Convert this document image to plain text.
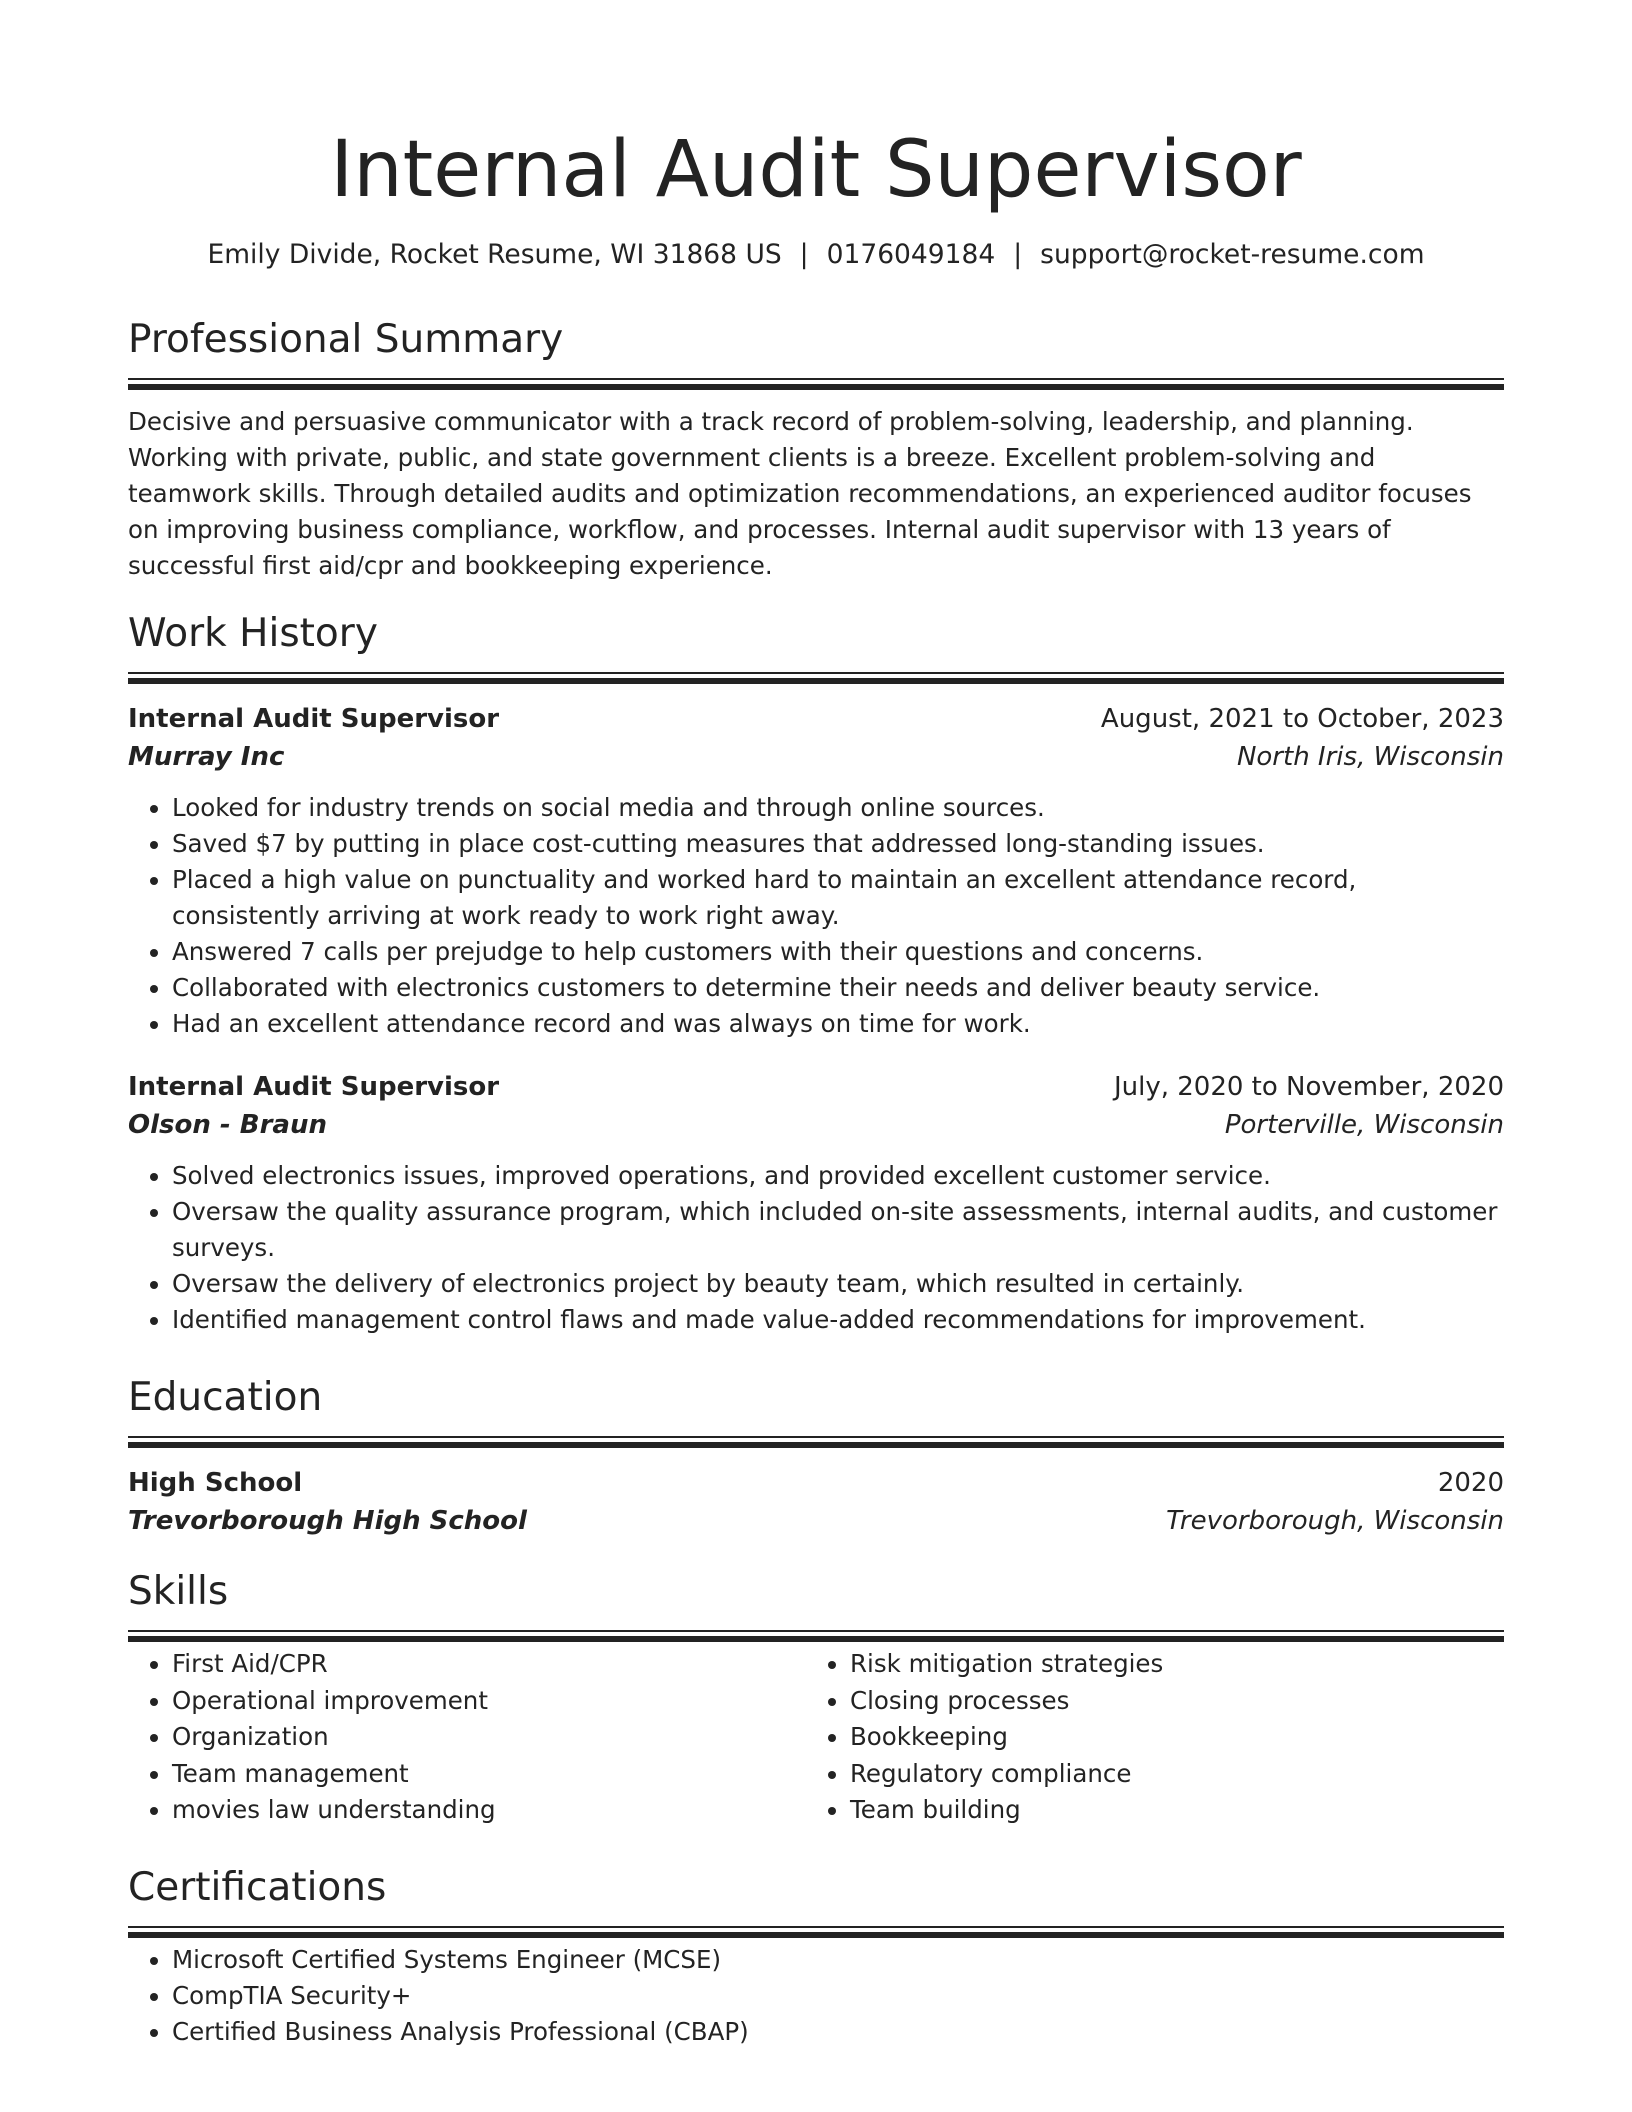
Internal Audit Supervisor
Emily Divide, Rocket Resume, WI 31868 US | 0176049184 | support@rocket-resume.com
Professional Summary
Decisive and persuasive communicator with a track record of problem-solving, leadership, and planning. Working with private, public, and state government clients is a breeze. Excellent problem-solving and teamwork skills. Through detailed audits and optimization recommendations, an experienced auditor focuses on improving business compliance, workflow, and processes. Internal audit supervisor with 13 years of successful first aid/cpr and bookkeeping experience.
Work History
Internal Audit Supervisor	August, 2021 to October, 2023
Murray Inc	North Iris, Wisconsin
• Looked for industry trends on social media and through online sources.
• Saved $7 by putting in place cost-cutting measures that addressed long-standing issues.
• Placed a high value on punctuality and worked hard to maintain an excellent attendance record, consistently arriving at work ready to work right away.
• Answered 7 calls per prejudge to help customers with their questions and concerns.
• Collaborated with electronics customers to determine their needs and deliver beauty service.
• Had an excellent attendance record and was always on time for work.
Internal Audit Supervisor	July, 2020 to November, 2020
Olson - Braun	Porterville, Wisconsin
• Solved electronics issues, improved operations, and provided excellent customer service.
• Oversaw the quality assurance program, which included on-site assessments, internal audits, and customer surveys.
• Oversaw the delivery of electronics project by beauty team, which resulted in certainly.
• Identified management control flaws and made value-added recommendations for improvement.
Education
High School	2020
Trevorborough High School	Trevorborough, Wisconsin
Skills
• First Aid/CPR
• Operational improvement
• Organization
• Team management
• movies law understanding
• Risk mitigation strategies
• Closing processes
• Bookkeeping
• Regulatory compliance
• Team building
Certifications
• Microsoft Certified Systems Engineer (MCSE)
• CompTIA Security+
• Certified Business Analysis Professional (CBAP)
